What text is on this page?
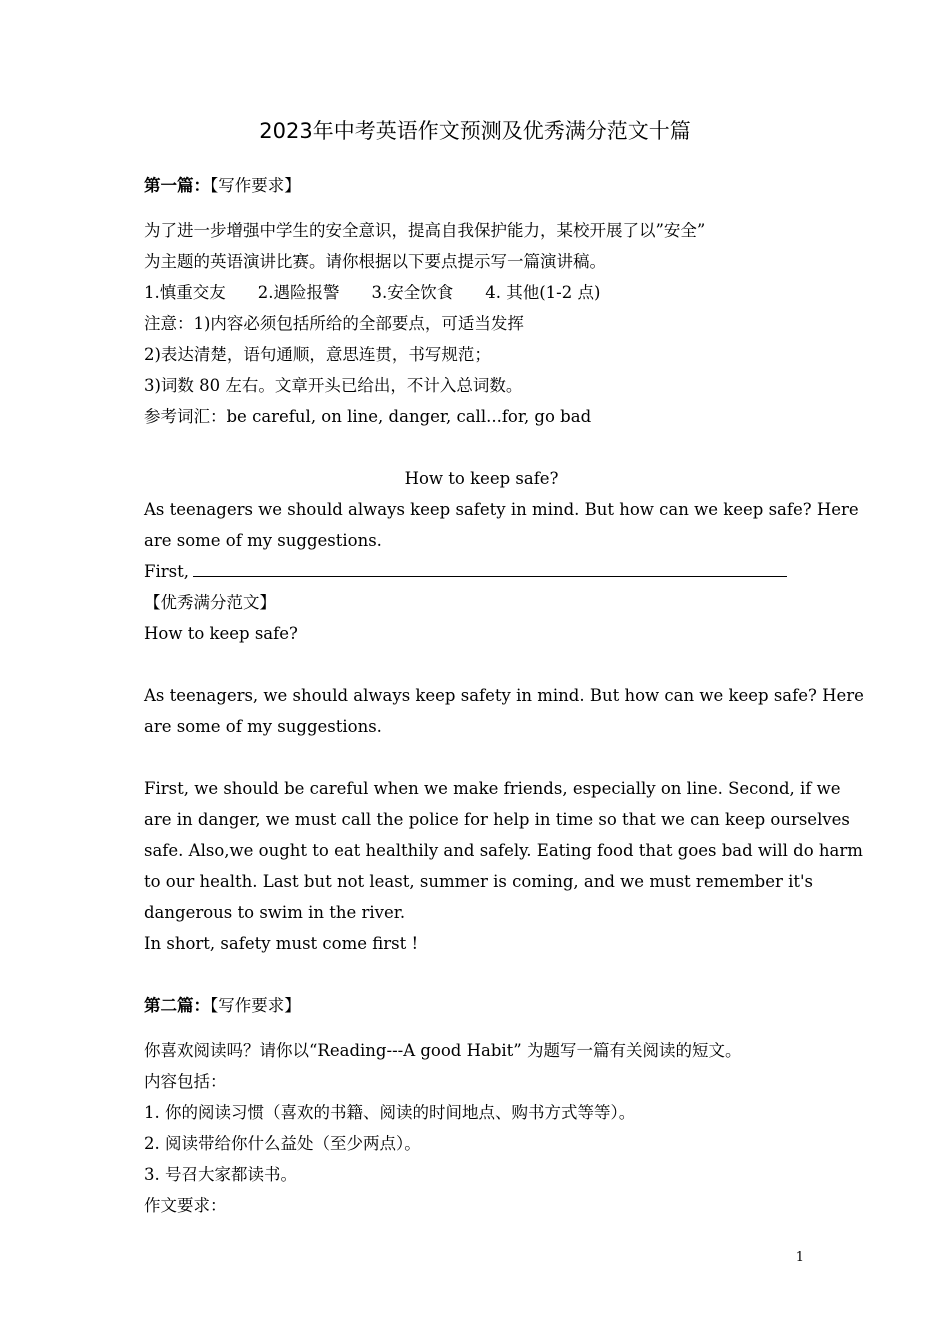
2023年中考英语作文预测及优秀满分范文十篇
第一篇：【写作要求】
为了进一步增强中学生的安全意识，提高自我保护能力，某校开展了以”安全”
为主题的英语演讲比赛。请你根据以下要点提示写一篇演讲稿。
1.慎重交友 2.遇险报警 3.安全饮食 4. 其他(1-2 点)
注意：1)内容必须包括所给的全部要点，可适当发挥
2)表达清楚，语句通顺，意思连贯，书写规范；
3)词数 80 左右。文章开头已给出，不计入总词数。
参考词汇：be careful, on line, danger, call...for, go bad
How to keep safe?
As teenagers we should always keep safety in mind. But how can we keep safe? Here
are some of my suggestions.
First,
【优秀满分范文】
How to keep safe?
As teenagers, we should always keep safety in mind. But how can we keep safe? Here
are some of my suggestions.
First, we should be careful when we make friends, especially on line. Second, if we
are in danger, we must call the police for help in time so that we can keep ourselves
safe. Also,we ought to eat healthily and safely. Eating food that goes bad will do harm
to our health. Last but not least, summer is coming, and we must remember it's
dangerous to swim in the river.
In short, safety must come first !
第二篇：【写作要求】
你喜欢阅读吗？请你以“Reading---A good Habit” 为题写一篇有关阅读的短文。
内容包括：
1. 你的阅读习惯（喜欢的书籍、阅读的时间地点、购书方式等等）。
2. 阅读带给你什么益处（至少两点）。
3. 号召大家都读书。
作文要求：
1
